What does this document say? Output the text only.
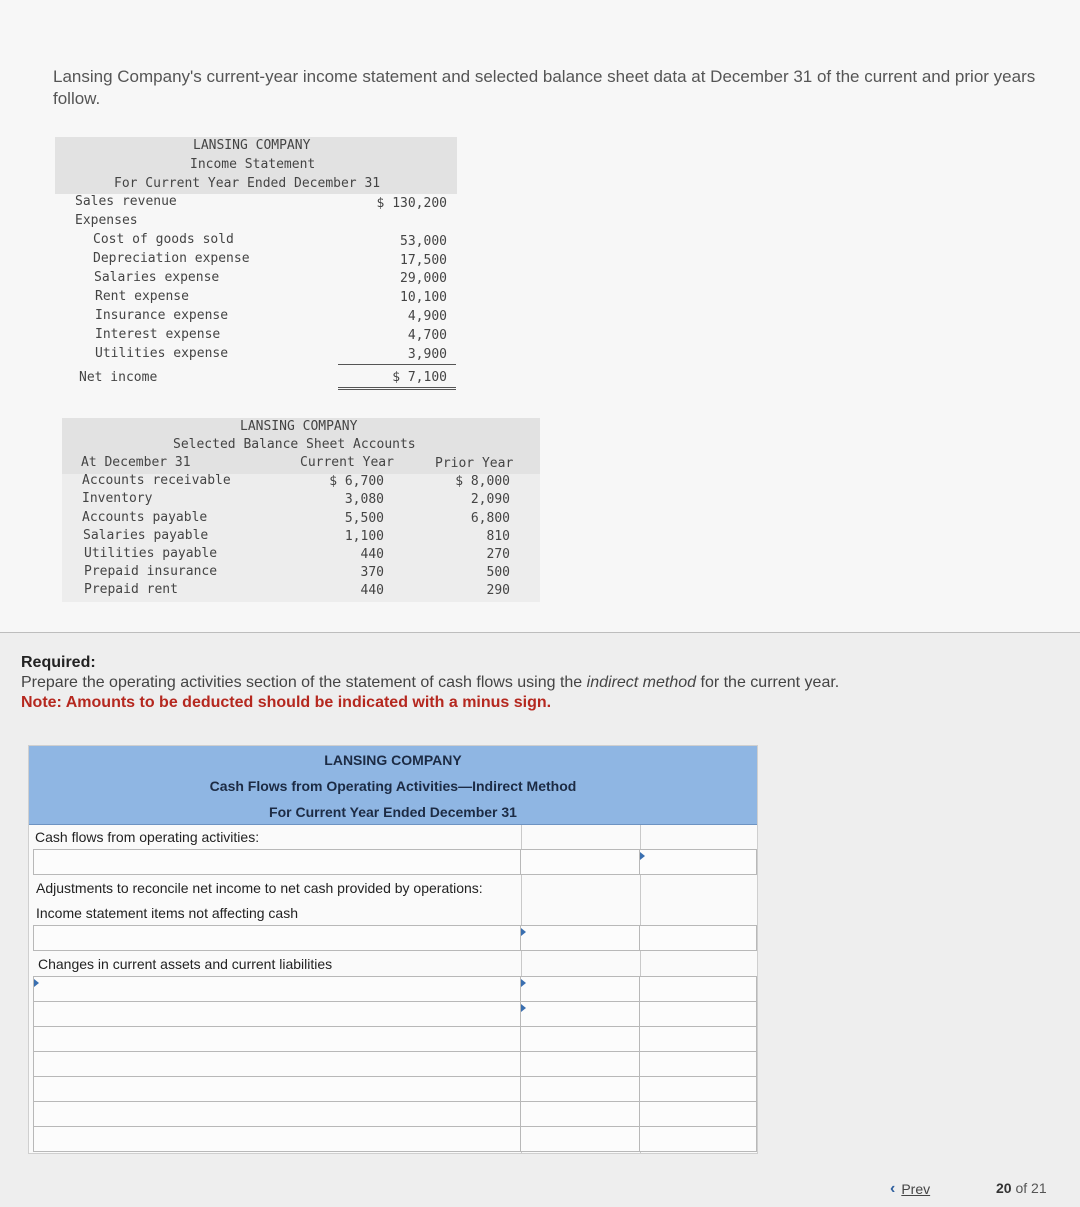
Lansing Company's current-year income statement and selected balance sheet data at December 31 of the current and prior years follow.
LANSING COMPANY
Income Statement
For Current Year Ended December 31
Sales revenue	$ 130,200
Expenses
Cost of goods sold	53,000
Depreciation expense	17,500
Salaries expense	29,000
Rent expense	10,100
Insurance expense	4,900
Interest expense	4,700
Utilities expense	3,900
Net income	$ 7,100
LANSING COMPANY
Selected Balance Sheet Accounts
At December 31	Current Year	Prior Year
Accounts receivable	$ 6,700	$ 8,000
Inventory	3,080	2,090
Accounts payable	5,500	6,800
Salaries payable	1,100	810
Utilities payable	440	270
Prepaid insurance	370	500
Prepaid rent	440	290
Required:
Prepare the operating activities section of the statement of cash flows using the indirect method for the current year.
Note: Amounts to be deducted should be indicated with a minus sign.
LANSING COMPANY
Cash Flows from Operating Activities—Indirect Method
For Current Year Ended December 31
Cash flows from operating activities:
Adjustments to reconcile net income to net cash provided by operations:
Income statement items not affecting cash
Changes in current assets and current liabilities
‹ Prev	20 of 21
